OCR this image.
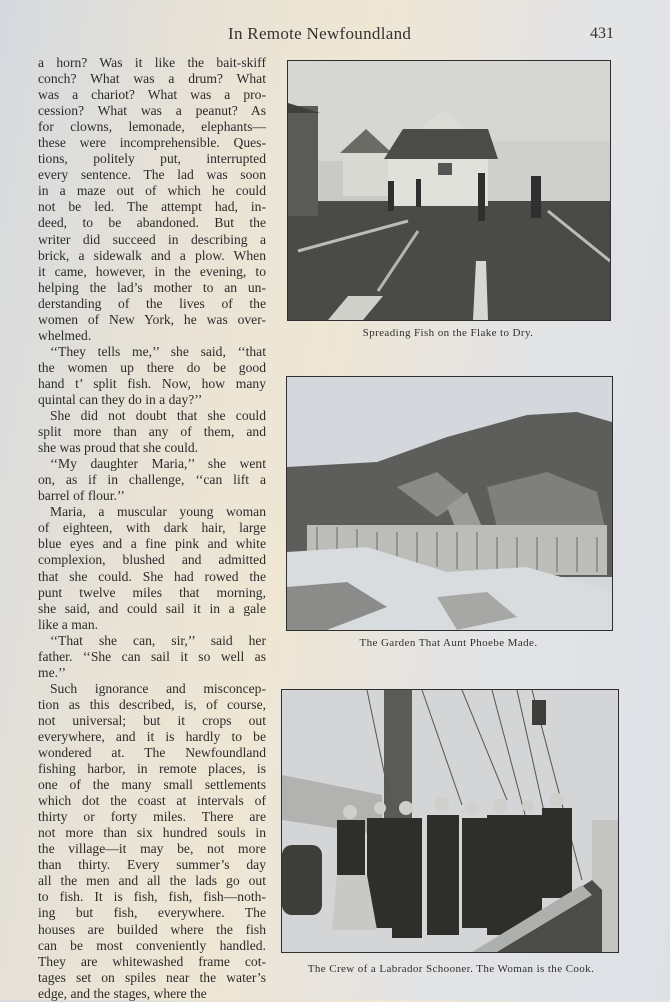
In Remote Newfoundland	431
a horn? Was it like the bait-skiff
conch? What was a drum? What
was a chariot? What was a pro-
cession? What was a peanut? As
for clowns, lemonade, elephants—
these were incomprehensible. Ques-
tions, politely put, interrupted
every sentence. The lad was soon
in a maze out of which he could
not be led. The attempt had, in-
deed, to be abandoned. But the
writer did succeed in describing a
brick, a sidewalk and a plow. When
it came, however, in the evening, to
helping the lad’s mother to an un-
derstanding of the lives of the
women of New York, he was over-
whelmed.
‘‘They tells me,’’ she said, ‘‘that
the women up there do be good
hand t’ split fish. Now, how many
quintal can they do in a day?’’
She did not doubt that she could
split more than any of them, and
she was proud that she could.
‘‘My daughter Maria,’’ she went
on, as if in challenge, ‘‘can lift a
barrel of flour.’’
Maria, a muscular young woman
of eighteen, with dark hair, large
blue eyes and a fine pink and white
complexion, blushed and admitted
that she could. She had rowed the
punt twelve miles that morning,
she said, and could sail it in a gale
like a man.
‘‘That she can, sir,’’ said her
father. ‘‘She can sail it so well as
me.’’
Such ignorance and misconcep-
tion as this described, is, of course,
not universal; but it crops out
everywhere, and it is hardly to be
wondered at. The Newfoundland
fishing harbor, in remote places, is
one of the many small settlements
which dot the coast at intervals of
thirty or forty miles. There are
not more than six hundred souls in
the village—it may be, not more
than thirty. Every summer’s day
all the men and all the lads go out
to fish. It is fish, fish, fish—noth-
ing but fish, everywhere. The
houses are builded where the fish
can be most conveniently handled.
They are whitewashed frame cot-
tages set on spiles near the water’s
edge, and the stages, where the
Spreading Fish on the Flake to Dry.
The Garden That Aunt Phoebe Made.
The Crew of a Labrador Schooner. The Woman is the Cook.
